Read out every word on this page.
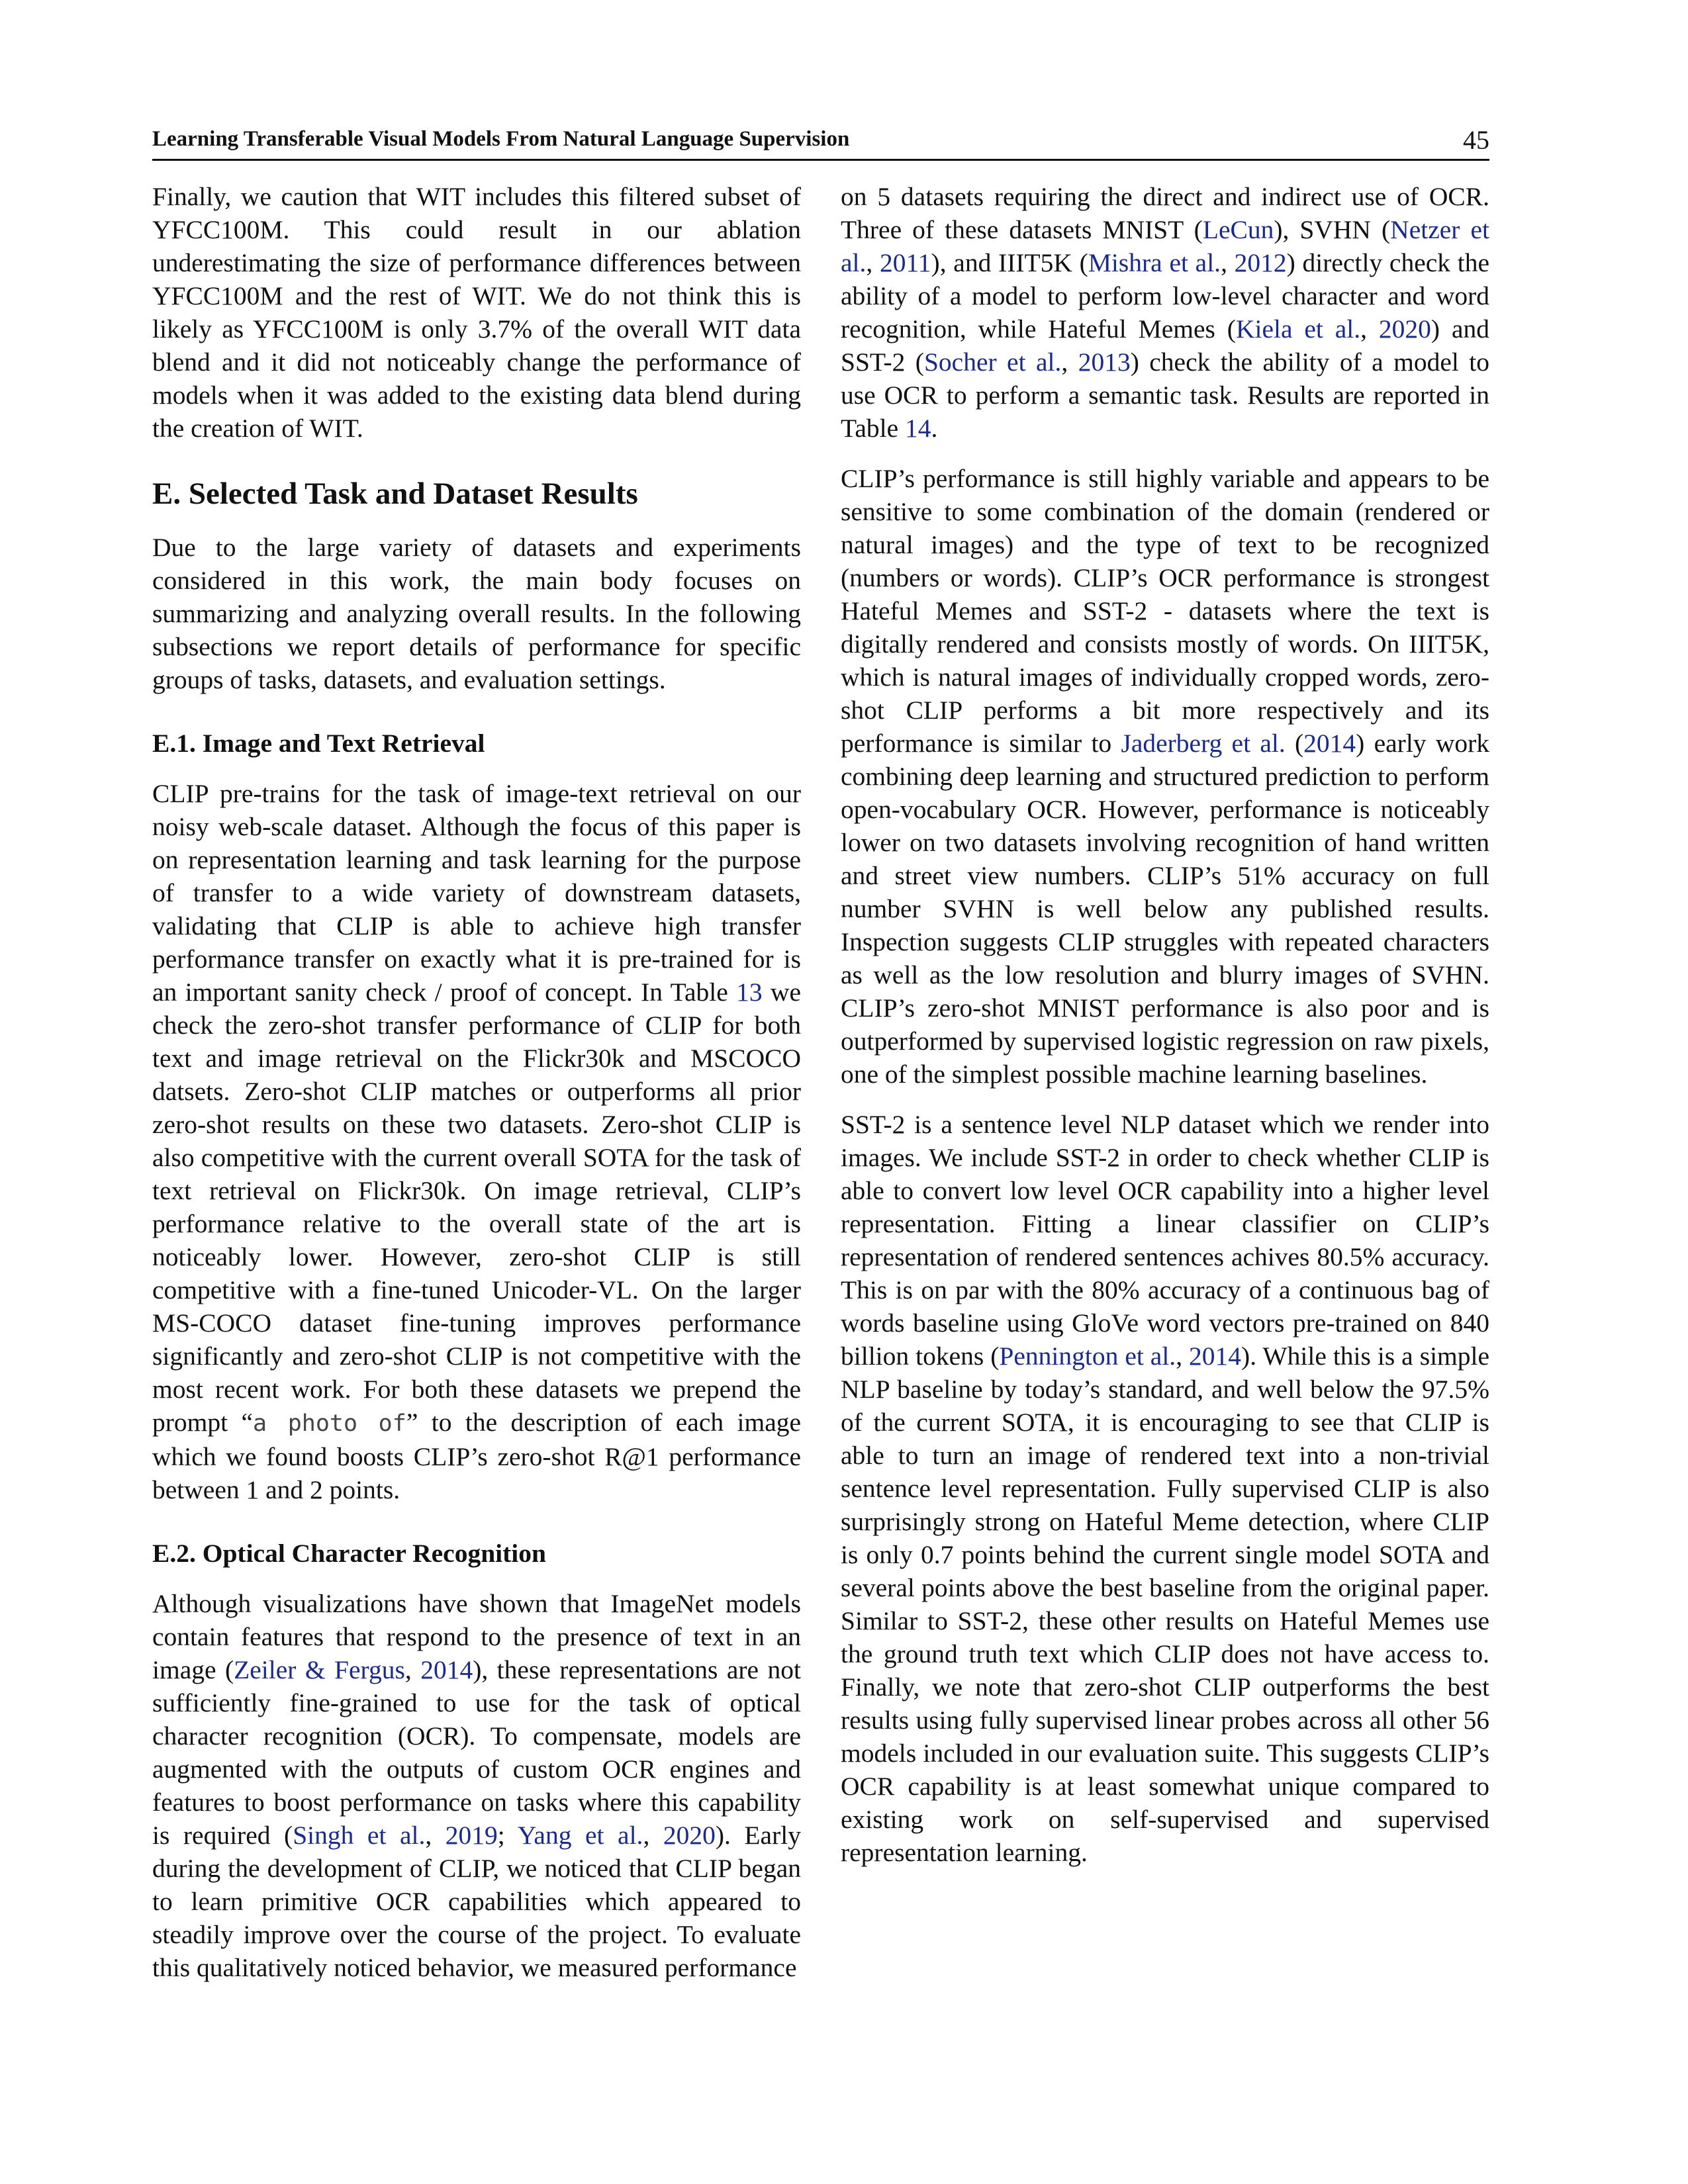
Learning Transferable Visual Models From Natural Language Supervision	45

Finally, we caution that WIT includes this filtered subset of YFCC100M. This could result in our ablation underestimating the size of performance differences between YFCC100M and the rest of WIT. We do not think this is likely as YFCC100M is only 3.7% of the overall WIT data blend and it did not noticeably change the performance of models when it was added to the existing data blend during the creation of WIT.

E. Selected Task and Dataset Results

Due to the large variety of datasets and experiments considered in this work, the main body focuses on summarizing and analyzing overall results. In the following subsections we report details of performance for specific groups of tasks, datasets, and evaluation settings.

E.1. Image and Text Retrieval

CLIP pre-trains for the task of image-text retrieval on our noisy web-scale dataset. Although the focus of this paper is on representation learning and task learning for the purpose of transfer to a wide variety of downstream datasets, validating that CLIP is able to achieve high transfer performance transfer on exactly what it is pre-trained for is an important sanity check / proof of concept. In Table 13 we check the zero-shot transfer performance of CLIP for both text and image retrieval on the Flickr30k and MSCOCO datsets. Zero-shot CLIP matches or outperforms all prior zero-shot results on these two datasets. Zero-shot CLIP is also competitive with the current overall SOTA for the task of text retrieval on Flickr30k. On image retrieval, CLIP’s performance relative to the overall state of the art is noticeably lower. However, zero-shot CLIP is still competitive with a fine-tuned Unicoder-VL. On the larger MS-COCO dataset fine-tuning improves performance significantly and zero-shot CLIP is not competitive with the most recent work. For both these datasets we prepend the prompt “a photo of” to the description of each image which we found boosts CLIP’s zero-shot R@1 performance between 1 and 2 points.

E.2. Optical Character Recognition

Although visualizations have shown that ImageNet models contain features that respond to the presence of text in an image (Zeiler & Fergus, 2014), these representations are not sufficiently fine-grained to use for the task of optical character recognition (OCR). To compensate, models are augmented with the outputs of custom OCR engines and features to boost performance on tasks where this capability is required (Singh et al., 2019; Yang et al., 2020). Early during the development of CLIP, we noticed that CLIP began to learn primitive OCR capabilities which appeared to steadily improve over the course of the project. To evaluate this qualitatively noticed behavior, we measured performance

on 5 datasets requiring the direct and indirect use of OCR. Three of these datasets MNIST (LeCun), SVHN (Netzer et al., 2011), and IIIT5K (Mishra et al., 2012) directly check the ability of a model to perform low-level character and word recognition, while Hateful Memes (Kiela et al., 2020) and SST-2 (Socher et al., 2013) check the ability of a model to use OCR to perform a semantic task. Results are reported in Table 14.

CLIP’s performance is still highly variable and appears to be sensitive to some combination of the domain (rendered or natural images) and the type of text to be recognized (numbers or words). CLIP’s OCR performance is strongest Hateful Memes and SST-2 - datasets where the text is digitally rendered and consists mostly of words. On IIIT5K, which is natural images of individually cropped words, zero-shot CLIP performs a bit more respectively and its performance is similar to Jaderberg et al. (2014) early work combining deep learning and structured prediction to perform open-vocabulary OCR. However, performance is noticeably lower on two datasets involving recognition of hand written and street view numbers. CLIP’s 51% accuracy on full number SVHN is well below any published results. Inspection suggests CLIP struggles with repeated characters as well as the low resolution and blurry images of SVHN. CLIP’s zero-shot MNIST performance is also poor and is outperformed by supervised logistic regression on raw pixels, one of the simplest possible machine learning baselines.

SST-2 is a sentence level NLP dataset which we render into images. We include SST-2 in order to check whether CLIP is able to convert low level OCR capability into a higher level representation. Fitting a linear classifier on CLIP’s representation of rendered sentences achives 80.5% accuracy. This is on par with the 80% accuracy of a continuous bag of words baseline using GloVe word vectors pre-trained on 840 billion tokens (Pennington et al., 2014). While this is a simple NLP baseline by today’s standard, and well below the 97.5% of the current SOTA, it is encouraging to see that CLIP is able to turn an image of rendered text into a non-trivial sentence level representation. Fully supervised CLIP is also surprisingly strong on Hateful Meme detection, where CLIP is only 0.7 points behind the current single model SOTA and several points above the best baseline from the original paper. Similar to SST-2, these other results on Hateful Memes use the ground truth text which CLIP does not have access to. Finally, we note that zero-shot CLIP outperforms the best results using fully supervised linear probes across all other 56 models included in our evaluation suite. This suggests CLIP’s OCR capability is at least somewhat unique compared to existing work on self-supervised and supervised representation learning.
